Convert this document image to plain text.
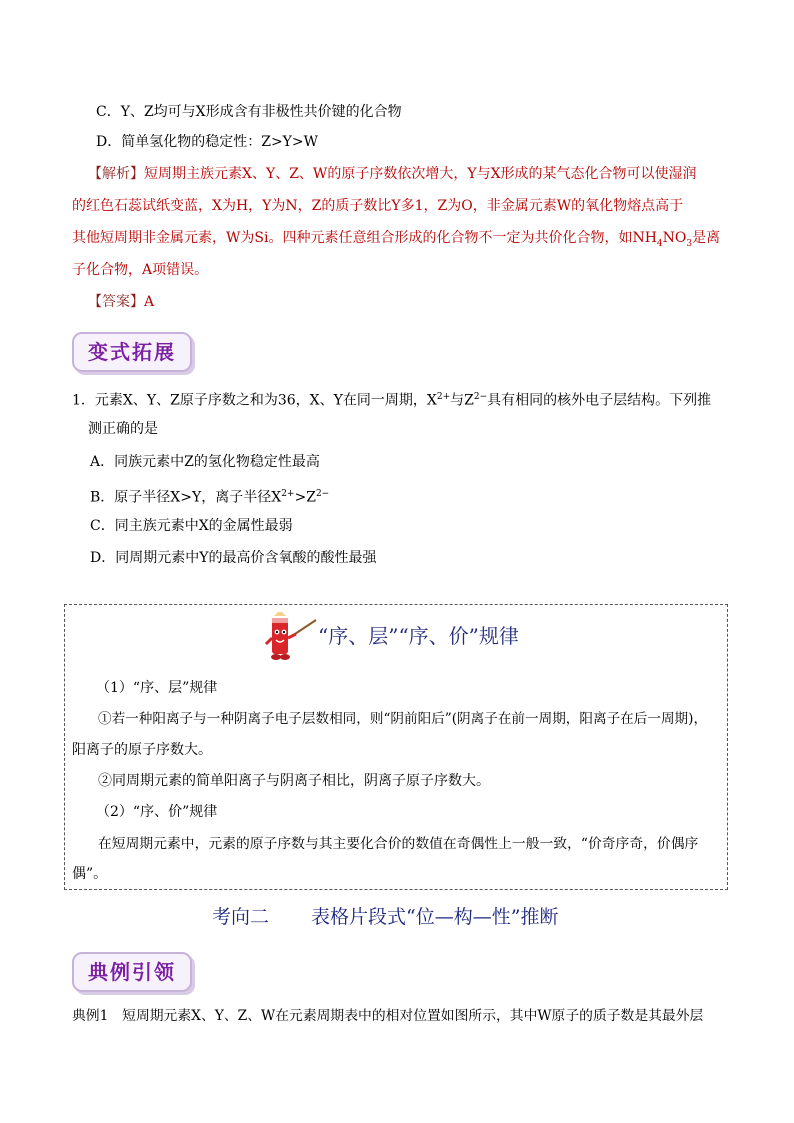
C．Y、Z均可与X形成含有非极性共价键的化合物
D．简单氢化物的稳定性：Z>Y>W
【解析】短周期主族元素X、Y、Z、W的原子序数依次增大，Y与X形成的某气态化合物可以使湿润
的红色石蕊试纸变蓝，X为H，Y为N，Z的质子数比Y多1，Z为O，非金属元素W的氧化物熔点高于
其他短周期非金属元素，W为Si。四种元素任意组合形成的化合物不一定为共价化合物，如$NH_4NO_3$是离
子化合物，A项错误。
【答案】A
变式拓展
1．元素X、Y、Z原子序数之和为36，X、Y在同一周期，$X^{2+}$与$Z^{2-}$具有相同的核外电子层结构。下列推
测正确的是
A．同族元素中Z的氢化物稳定性最高
B．原子半径X>Y，离子半径$X^{2+}>Z^{2-}$
C．同主族元素中X的金属性最弱
D．同周期元素中Y的最高价含氧酸的酸性最强
“序、层”“序、价”规律
（1）“序、层”规律
①若一种阳离子与一种阴离子电子层数相同，则“阴前阳后”(阴离子在前一周期，阳离子在后一周期)，
阳离子的原子序数大。
②同周期元素的简单阳离子与阴离子相比，阴离子原子序数大。
（2）“序、价”规律
在短周期元素中，元素的原子序数与其主要化合价的数值在奇偶性上一般一致，“价奇序奇，价偶序
偶”。
考向二 表格片段式“位—构—性”推断
典例引领
典例1　短周期元素X、Y、Z、W在元素周期表中的相对位置如图所示，其中W原子的质子数是其最外层
